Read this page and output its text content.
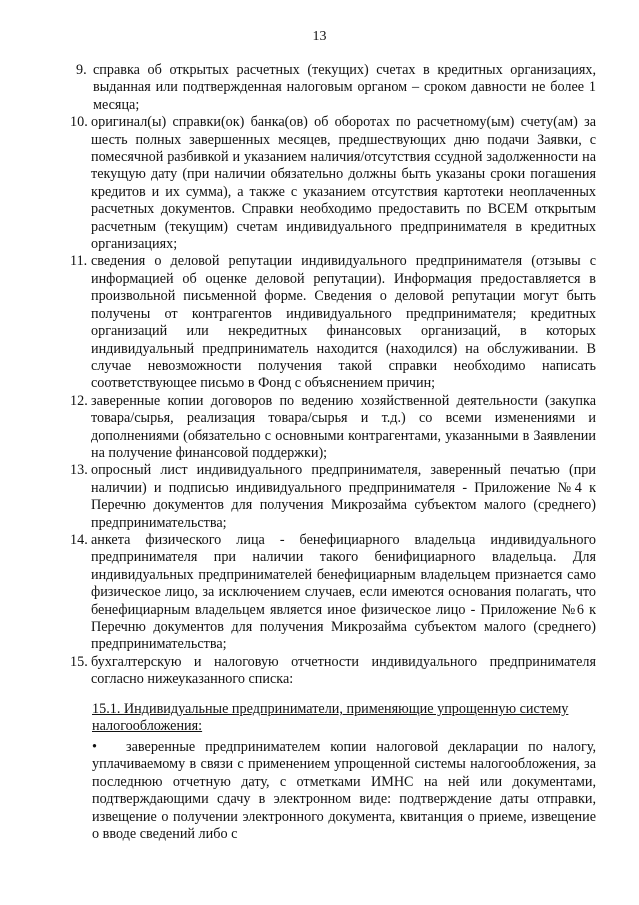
13
9. справка об открытых расчетных (текущих) счетах в кредитных организациях, выданная или подтвержденная налоговым органом – сроком давности не более 1 месяца;
10. оригинал(ы) справки(ок) банка(ов) об оборотах по расчетному(ым) счету(ам) за шесть полных завершенных месяцев, предшествующих дню подачи Заявки, с помесячной разбивкой и указанием наличия/отсутствия ссудной задолженности на текущую дату (при наличии обязательно должны быть указаны сроки погашения кредитов и их сумма), а также с указанием отсутствия картотеки неоплаченных расчетных документов. Справки необходимо предоставить по ВСЕМ открытым расчетным (текущим) счетам индивидуального предпринимателя в кредитных организациях;
11. сведения о деловой репутации индивидуального предпринимателя (отзывы с информацией об оценке деловой репутации). Информация предоставляется в произвольной письменной форме. Сведения о деловой репутации могут быть получены от контрагентов индивидуального предпринимателя; кредитных организаций или некредитных финансовых организаций, в которых индивидуальный предприниматель находится (находился) на обслуживании. В случае невозможности получения такой справки необходимо написать соответствующее письмо в Фонд с объяснением причин;
12. заверенные копии договоров по ведению хозяйственной деятельности (закупка товара/сырья, реализация товара/сырья и т.д.) со всеми изменениями и дополнениями (обязательно с основными контрагентами, указанными в Заявлении на получение финансовой поддержки);
13. опросный лист индивидуального предпринимателя, заверенный печатью (при наличии) и подписью индивидуального предпринимателя - Приложение №4 к Перечню документов для получения Микрозайма субъектом малого (среднего) предпринимательства;
14. анкета физического лица - бенефициарного владельца индивидуального предпринимателя при наличии такого бенифициарного владельца. Для индивидуальных предпринимателей бенефициарным владельцем признается само физическое лицо, за исключением случаев, если имеются основания полагать, что бенефициарным владельцем является иное физическое лицо - Приложение №6 к Перечню документов для получения Микрозайма субъектом малого (среднего) предпринимательства;
15. бухгалтерскую и налоговую отчетности индивидуального предпринимателя согласно нижеуказанного списка:
15.1. Индивидуальные предприниматели, применяющие упрощенную систему налогообложения:
•	заверенные предпринимателем копии налоговой декларации по налогу, уплачиваемому в связи с применением упрощенной системы налогообложения, за последнюю отчетную дату, с отметками ИМНС на ней или документами, подтверждающими сдачу в электронном виде: подтверждение даты отправки, извещение о получении электронного документа, квитанция о приеме, извещение о вводе сведений либо с
